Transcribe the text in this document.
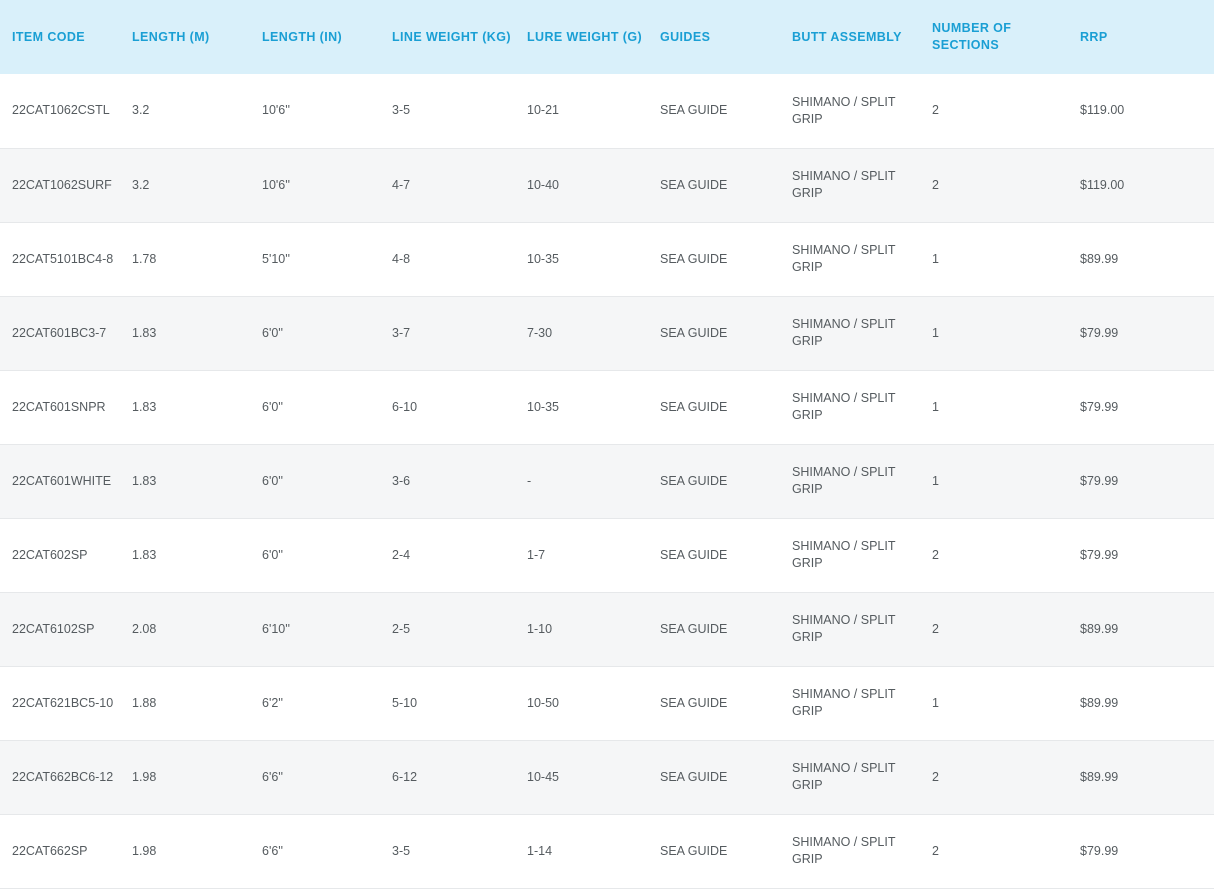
ITEM CODE	LENGTH (M)	LENGTH (IN)	LINE WEIGHT (KG)	LURE WEIGHT (G)	GUIDES	BUTT ASSEMBLY	NUMBER OF SECTIONS	RRP
22CAT1062CSTL	3.2	10'6''	3-5	10-21	SEA GUIDE	SHIMANO / SPLIT GRIP	2	$119.00
22CAT1062SURF	3.2	10'6''	4-7	10-40	SEA GUIDE	SHIMANO / SPLIT GRIP	2	$119.00
22CAT5101BC4-8	1.78	5'10''	4-8	10-35	SEA GUIDE	SHIMANO / SPLIT GRIP	1	$89.99
22CAT601BC3-7	1.83	6'0''	3-7	7-30	SEA GUIDE	SHIMANO / SPLIT GRIP	1	$79.99
22CAT601SNPR	1.83	6'0''	6-10	10-35	SEA GUIDE	SHIMANO / SPLIT GRIP	1	$79.99
22CAT601WHITE	1.83	6'0''	3-6	-	SEA GUIDE	SHIMANO / SPLIT GRIP	1	$79.99
22CAT602SP	1.83	6'0''	2-4	1-7	SEA GUIDE	SHIMANO / SPLIT GRIP	2	$79.99
22CAT6102SP	2.08	6'10''	2-5	1-10	SEA GUIDE	SHIMANO / SPLIT GRIP	2	$89.99
22CAT621BC5-10	1.88	6'2''	5-10	10-50	SEA GUIDE	SHIMANO / SPLIT GRIP	1	$89.99
22CAT662BC6-12	1.98	6'6''	6-12	10-45	SEA GUIDE	SHIMANO / SPLIT GRIP	2	$89.99
22CAT662SP	1.98	6'6''	3-5	1-14	SEA GUIDE	SHIMANO / SPLIT GRIP	2	$79.99
